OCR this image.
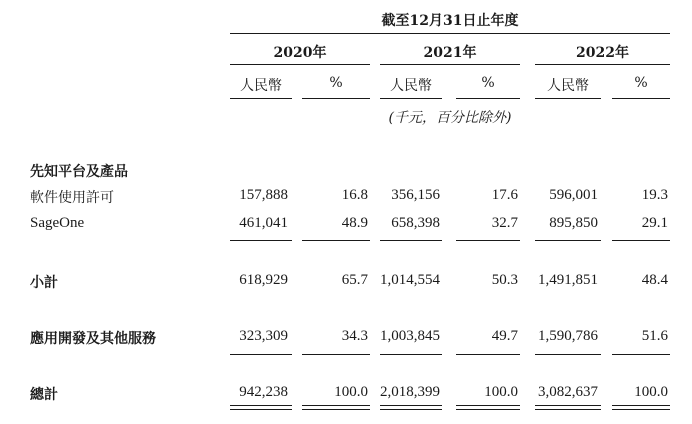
截至12月31日止年度
2020年	2021年	2022年
人民幣	%	人民幣	%	人民幣	%
(千元，百分比除外)
先知平台及產品
軟件使用許可	157,888	16.8	356,156	17.6	596,001	19.3
SageOne	461,041	48.9	658,398	32.7	895,850	29.1
小計	618,929	65.7 1,014,554	50.3	1,491,851	48.4
應用開發及其他服務	323,309	34.3 1,003,845	49.7	1,590,786	51.6
總計	942,238	100.0 2,018,399	100.0	3,082,637	100.0
